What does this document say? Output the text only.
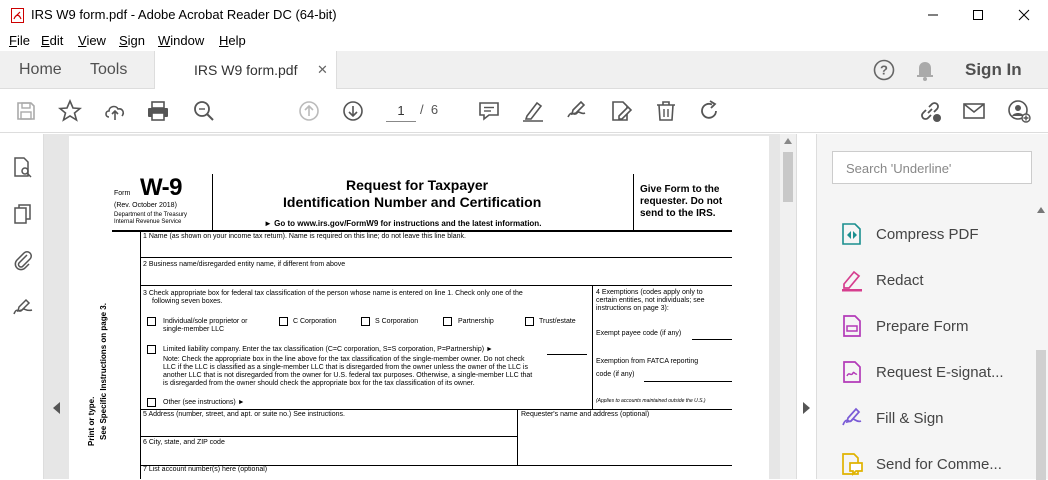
IRS W9 form.pdf - Adobe Acrobat Reader DC (64-bit)
File Edit View Sign Window Help
Home Tools	IRS W9 form.pdf ✕	?	Sign In
1	/ 6
Form W-9
(Rev. October 2018)
Department of the Treasury
Internal Revenue Service
Request for Taxpayer
Identification Number and Certification
► Go to www.irs.gov/FormW9 for instructions and the latest information.
Give Form to the
requester. Do not
send to the IRS.
Print or type. See Specific Instructions on page 3.
1 Name (as shown on your income tax return). Name is required on this line; do not leave this line blank.
2 Business name/disregarded entity name, if different from above
3 Check appropriate box for federal tax classification of the person whose name is entered on line 1. Check only one of the
following seven boxes.
Individual/sole proprietor or
single-member LLC
C Corporation	S Corporation	Partnership	Trust/estate
Limited liability company. Enter the tax classification (C=C corporation, S=S corporation, P=Partnership) ►
Note: Check the appropriate box in the line above for the tax classification of the single-member owner. Do not check
LLC if the LLC is classified as a single-member LLC that is disregarded from the owner unless the owner of the LLC is
another LLC that is not disregarded from the owner for U.S. federal tax purposes. Otherwise, a single-member LLC that
is disregarded from the owner should check the appropriate box for the tax classification of its owner.
Other (see instructions) ►
4 Exemptions (codes apply only to
certain entities, not individuals; see
instructions on page 3):
Exempt payee code (if any)
Exemption from FATCA reporting
code (if any)
(Applies to accounts maintained outside the U.S.)
5 Address (number, street, and apt. or suite no.) See instructions.	Requester's name and address (optional)
6 City, state, and ZIP code
7 List account number(s) here (optional)
Search 'Underline'
Compress PDF
Redact
Prepare Form
Request E-signat...
Fill & Sign
Send for Comme...
